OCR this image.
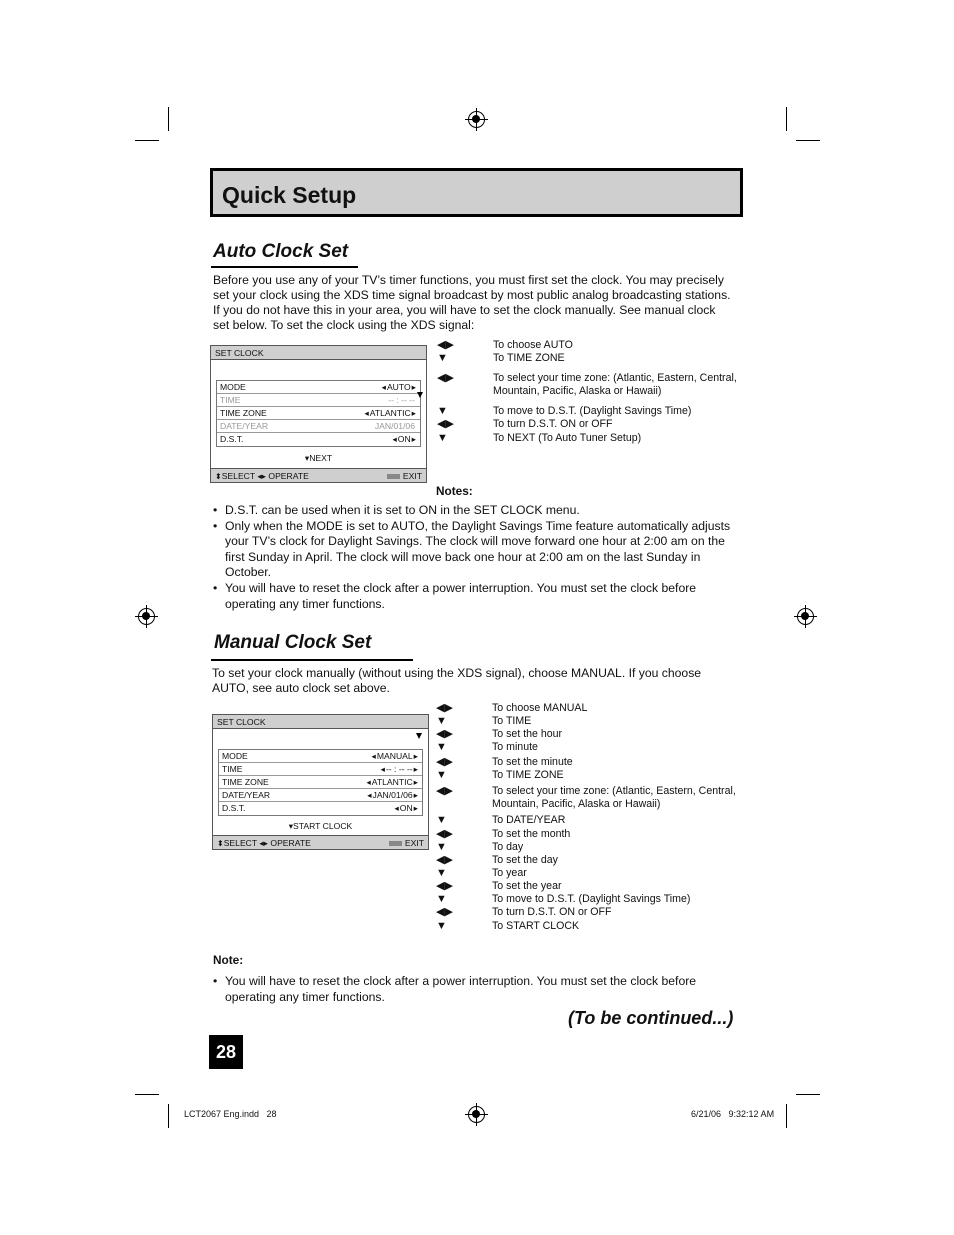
Quick Setup
Auto Clock Set

Before you use any of your TV’s timer functions, you must first set the clock. You may precisely set your clock using the XDS time signal broadcast by most public analog broadcasting stations. If you do not have this in your area, you will have to set the clock manually. See manual clock set below. To set the clock using the XDS signal:

SET CLOCK
MODE	◂ AUTO ▸
TIME	-- : -- --
TIME ZONE	◂ ATLANTIC ▸
DATE/YEAR	JAN/01/06
D.S.T.	◂ ON ▸
▾ NEXT
⬍ SELECT ◂▸ OPERATE	EXIT
◀▶	To choose AUTO
▼	To TIME ZONE
◀▶	To select your time zone: (Atlantic, Eastern, Central, Mountain, Pacific, Alaska or Hawaii)
▼	To move to D.S.T. (Daylight Savings Time)
◀▶	To turn D.S.T. ON or OFF
▼	To NEXT (To Auto Tuner Setup)
Notes:
• D.S.T. can be used when it is set to ON in the SET CLOCK menu.
• Only when the MODE is set to AUTO, the Daylight Savings Time feature automatically adjusts your TV’s clock for Daylight Savings. The clock will move forward one hour at 2:00 am on the first Sunday in April. The clock will move back one hour at 2:00 am on the last Sunday in October.
• You will have to reset the clock after a power interruption. You must set the clock before operating any timer functions.
Manual Clock Set

To set your clock manually (without using the XDS signal), choose MANUAL. If you choose AUTO, see auto clock set above.

SET CLOCK
MODE	◂ MANUAL ▸
TIME	◂ -- : -- -- ▸
TIME ZONE	◂ ATLANTIC ▸
DATE/YEAR	◂ JAN/01/06 ▸
D.S.T.	◂ ON ▸
▾ START CLOCK
⬍ SELECT ◂▸ OPERATE	EXIT
◀▶	To choose MANUAL
▼	To TIME
◀▶	To set the hour
▼	To minute
◀▶	To set the minute
▼	To TIME ZONE
◀▶	To select your time zone: (Atlantic, Eastern, Central, Mountain, Pacific, Alaska or Hawaii)
▼	To DATE/YEAR
◀▶	To set the month
▼	To day
◀▶	To set the day
▼	To year
◀▶	To set the year
▼	To move to D.S.T. (Daylight Savings Time)
◀▶	To turn D.S.T. ON or OFF
▼	To START CLOCK
Note:
• You will have to reset the clock after a power interruption. You must set the clock before operating any timer functions.
(To be continued...)
28
LCT2067 Eng.indd   28	6/21/06   9:32:12 AM
